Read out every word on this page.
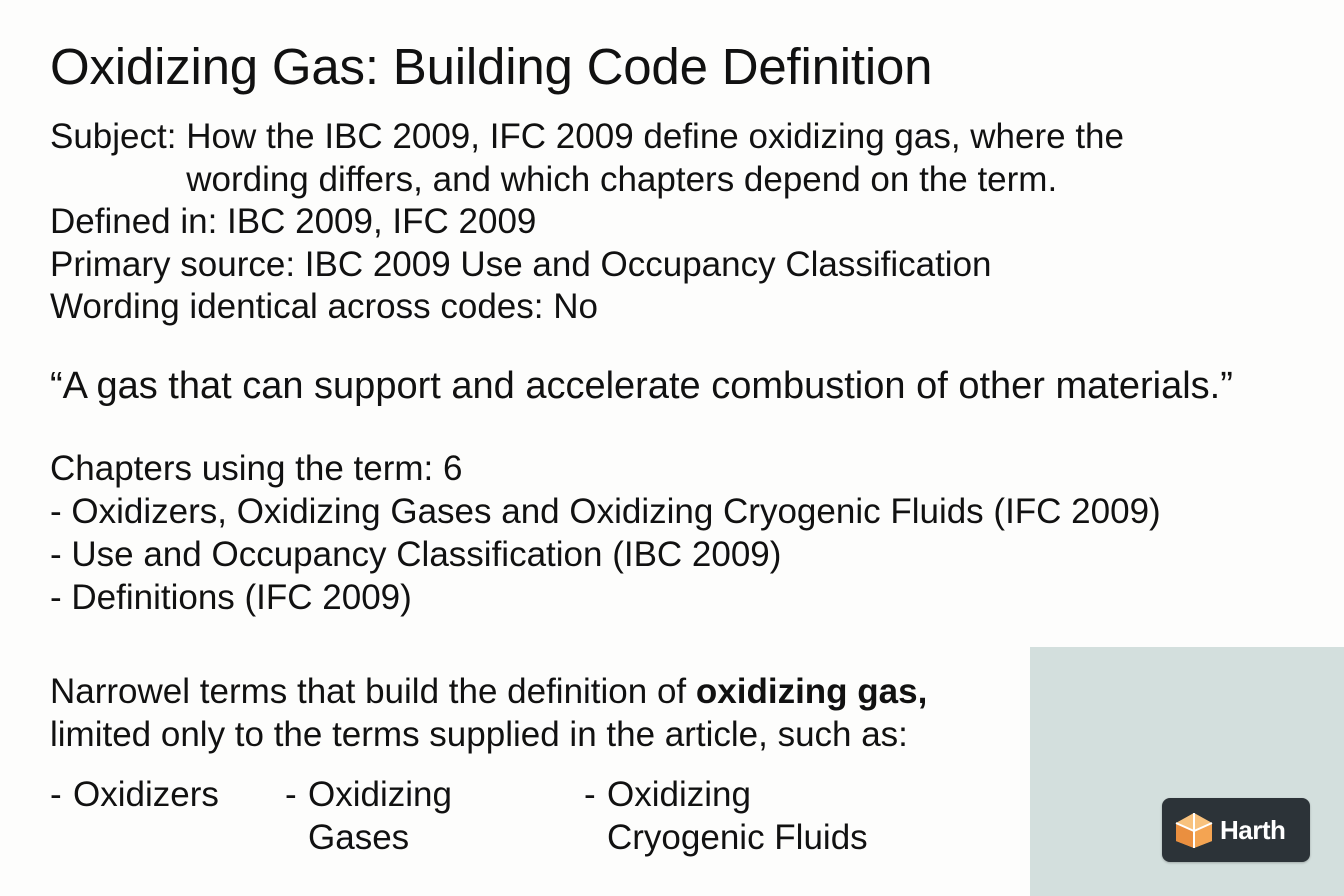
Oxidizing Gas: Building Code Definition
Subject:
How the IBC 2009, IFC 2009 define oxidizing gas, where the wording differs, and which chapters depend on the term.
Defined in: IBC 2009, IFC 2009
Primary source: IBC 2009 Use and Occupancy Classification
Wording identical across codes: No
“A gas that can support and accelerate combustion of other materials.”
Chapters using the term: 6
- Oxidizers, Oxidizing Gases and Oxidizing Cryogenic Fluids (IFC 2009)
- Use and Occupancy Classification (IBC 2009)
- Definitions (IFC 2009)
Narrowel terms that build the definition of oxidizing gas,
limited only to the terms supplied in the article, such as:
- Oxidizers	- Oxidizing Gases
- Oxidizing Cryogenic Fluids	Harth
